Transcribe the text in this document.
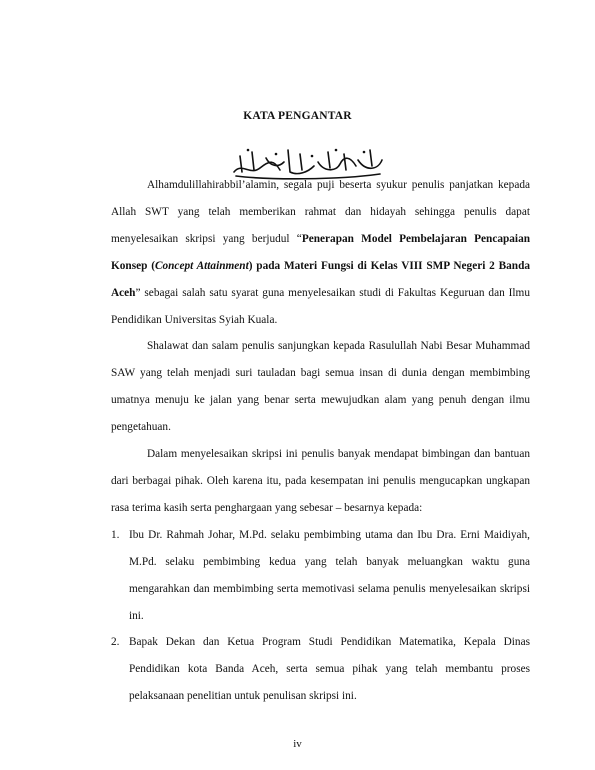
KATA PENGANTAR

Alhamdulillahirabbil’alamin, segala puji beserta syukur penulis panjatkan kepada Allah SWT yang telah memberikan rahmat dan hidayah sehingga penulis dapat menyelesaikan skripsi yang berjudul “Penerapan Model Pembelajaran Pencapaian Konsep (Concept Attainment) pada Materi Fungsi di Kelas VIII SMP Negeri 2 Banda Aceh” sebagai salah satu syarat guna menyelesaikan studi di Fakultas Keguruan dan Ilmu Pendidikan Universitas Syiah Kuala.

Shalawat dan salam penulis sanjungkan kepada Rasulullah Nabi Besar Muhammad SAW yang telah menjadi suri tauladan bagi semua insan di dunia dengan membimbing umatnya menuju ke jalan yang benar serta mewujudkan alam yang penuh dengan ilmu pengetahuan.

Dalam menyelesaikan skripsi ini penulis banyak mendapat bimbingan dan bantuan dari berbagai pihak. Oleh karena itu, pada kesempatan ini penulis mengucapkan ungkapan rasa terima kasih serta penghargaan yang sebesar – besarnya kepada:

1. Ibu Dr. Rahmah Johar, M.Pd. selaku pembimbing utama dan Ibu Dra. Erni Maidiyah, M.Pd. selaku pembimbing kedua yang telah banyak meluangkan waktu guna mengarahkan dan membimbing serta memotivasi selama penulis menyelesaikan skripsi ini.
2. Bapak Dekan dan Ketua Program Studi Pendidikan Matematika, Kepala Dinas Pendidikan kota Banda Aceh, serta semua pihak yang telah membantu proses pelaksanaan penelitian untuk penulisan skripsi ini.
iv
